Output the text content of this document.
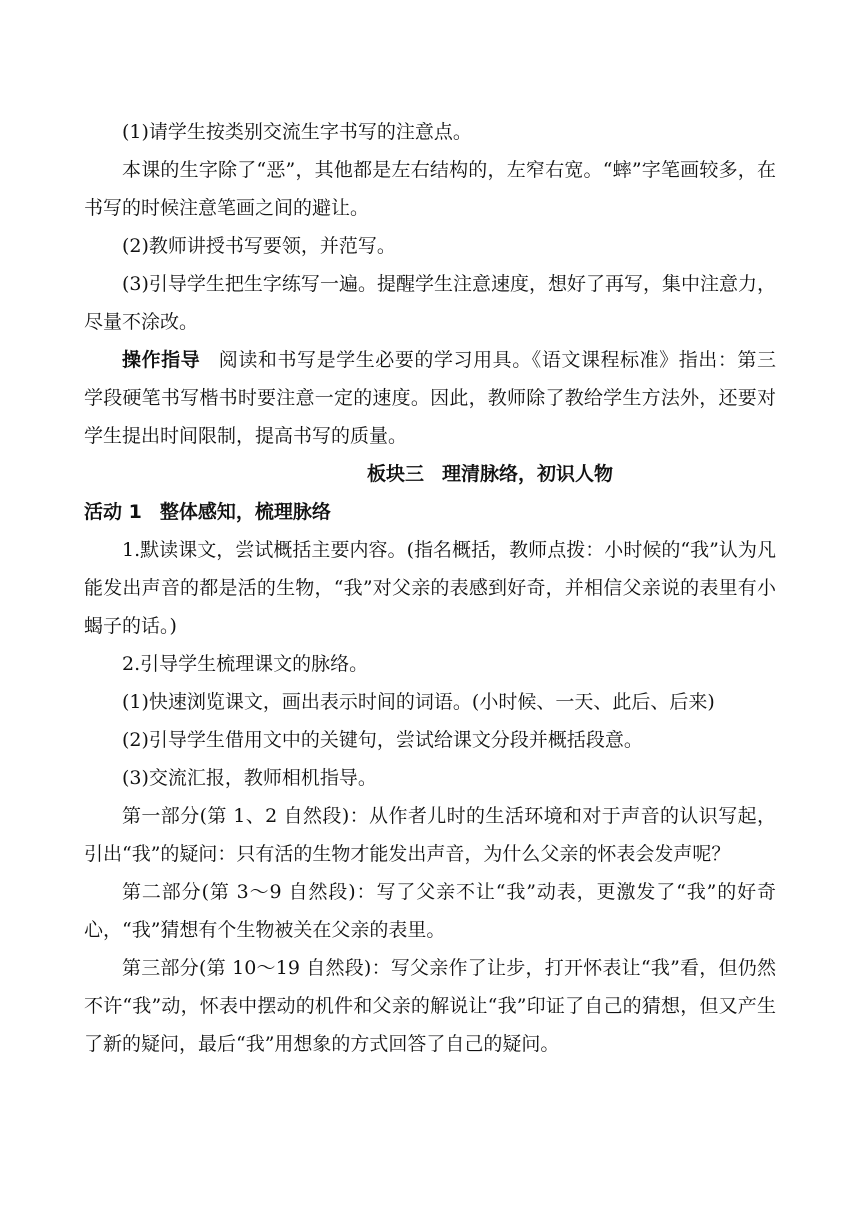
(1)请学生按类别交流生字书写的注意点。

本课的生字除了“恶”，其他都是左右结构的，左窄右宽。“蟀”字笔画较多，在书写的时候注意笔画之间的避让。

(2)教师讲授书写要领，并范写。

(3)引导学生把生字练写一遍。提醒学生注意速度，想好了再写，集中注意力，尽量不涂改。

操作指导 阅读和书写是学生必要的学习用具。《语文课程标准》指出：第三学段硬笔书写楷书时要注意一定的速度。因此，教师除了教给学生方法外，还要对学生提出时间限制，提高书写的质量。

板块三 理清脉络，初识人物
活动 1 整体感知，梳理脉络

1.默读课文，尝试概括主要内容。(指名概括，教师点拨：小时候的“我”认为凡能发出声音的都是活的生物，“我”对父亲的表感到好奇，并相信父亲说的表里有小蝎子的话。)

2.引导学生梳理课文的脉络。

(1)快速浏览课文，画出表示时间的词语。(小时候、一天、此后、后来)

(2)引导学生借用文中的关键句，尝试给课文分段并概括段意。

(3)交流汇报，教师相机指导。

第一部分(第 1、2 自然段)：从作者儿时的生活环境和对于声音的认识写起，引出“我”的疑问：只有活的生物才能发出声音，为什么父亲的怀表会发声呢？

第二部分(第 3～9 自然段)：写了父亲不让“我”动表，更激发了“我”的好奇心，“我”猜想有个生物被关在父亲的表里。

第三部分(第 10～19 自然段)：写父亲作了让步，打开怀表让“我”看，但仍然不许“我”动，怀表中摆动的机件和父亲的解说让“我”印证了自己的猜想，但又产生了新的疑问，最后“我”用想象的方式回答了自己的疑问。
